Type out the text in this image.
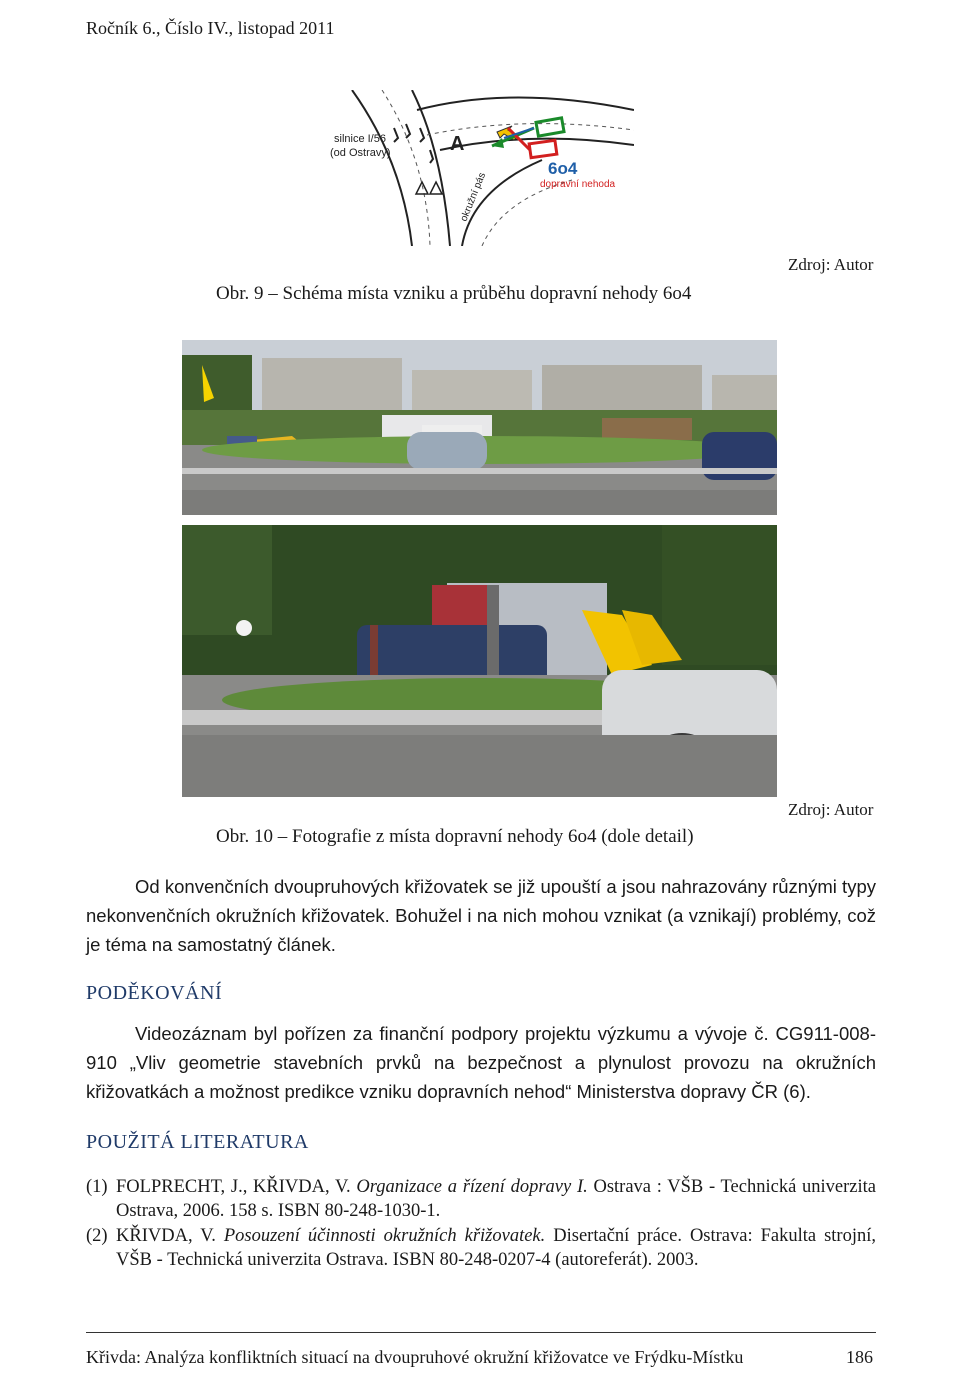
Ročník 6., Číslo IV., listopad 2011
silnice I/56
(od Ostravy)	A
6o4
dopravní nehoda
okružní pás
Zdroj: Autor
Obr. 9 – Schéma místa vzniku a průběhu dopravní nehody 6o4
Zdroj: Autor
Obr. 10 – Fotografie z místa dopravní nehody 6o4 (dole detail)
Od konvenčních dvoupruhových křižovatek se již upouští a jsou nahrazovány různými typy nekonvenčních okružních křižovatek. Bohužel i na nich mohou vznikat (a vznikají) problémy, což je téma na samostatný článek.
PODĚKOVÁNÍ
Videozáznam byl pořízen za finanční podpory projektu výzkumu a vývoje č. CG911-008-910 „Vliv geometrie stavebních prvků na bezpečnost a plynulost provozu na okružních křižovatkách a možnost predikce vzniku dopravních nehod“ Ministerstva dopravy ČR (6).
POUŽITÁ LITERATURA
(1) FOLPRECHT, J., KŘIVDA, V. Organizace a řízení dopravy I. Ostrava : VŠB - Technická univerzita Ostrava, 2006. 158 s. ISBN 80-248-1030-1.
(2) KŘIVDA, V. Posouzení účinnosti okružních křižovatek. Disertační práce. Ostrava: Fakulta strojní, VŠB - Technická univerzita Ostrava. ISBN 80-248-0207-4 (autoreferát). 2003.
Křivda: Analýza konfliktních situací na dvoupruhové okružní křižovatce ve Frýdku-Místku	186
